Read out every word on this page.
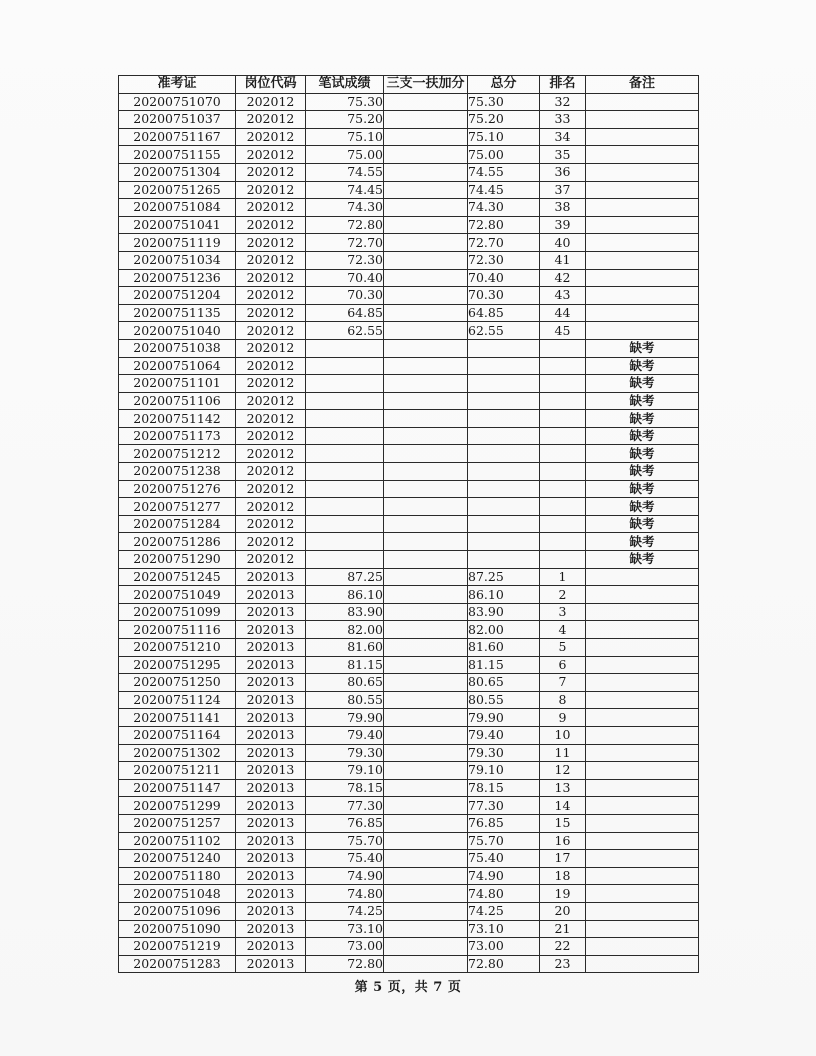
准考证	岗位代码	笔试成绩	三支一扶加分	总分	排名	备注
20200751070	202012	75.30		75.30	32	
20200751037	202012	75.20		75.20	33	
20200751167	202012	75.10		75.10	34	
20200751155	202012	75.00		75.00	35	
20200751304	202012	74.55		74.55	36	
20200751265	202012	74.45		74.45	37	
20200751084	202012	74.30		74.30	38	
20200751041	202012	72.80		72.80	39	
20200751119	202012	72.70		72.70	40	
20200751034	202012	72.30		72.30	41	
20200751236	202012	70.40		70.40	42	
20200751204	202012	70.30		70.30	43	
20200751135	202012	64.85		64.85	44	
20200751040	202012	62.55		62.55	45	
20200751038	202012					缺考
20200751064	202012					缺考
20200751101	202012					缺考
20200751106	202012					缺考
20200751142	202012					缺考
20200751173	202012					缺考
20200751212	202012					缺考
20200751238	202012					缺考
20200751276	202012					缺考
20200751277	202012					缺考
20200751284	202012					缺考
20200751286	202012					缺考
20200751290	202012					缺考
20200751245	202013	87.25		87.25	1	
20200751049	202013	86.10		86.10	2	
20200751099	202013	83.90		83.90	3	
20200751116	202013	82.00		82.00	4	
20200751210	202013	81.60		81.60	5	
20200751295	202013	81.15		81.15	6	
20200751250	202013	80.65		80.65	7	
20200751124	202013	80.55		80.55	8	
20200751141	202013	79.90		79.90	9	
20200751164	202013	79.40		79.40	10	
20200751302	202013	79.30		79.30	11	
20200751211	202013	79.10		79.10	12	
20200751147	202013	78.15		78.15	13	
20200751299	202013	77.30		77.30	14	
20200751257	202013	76.85		76.85	15	
20200751102	202013	75.70		75.70	16	
20200751240	202013	75.40		75.40	17	
20200751180	202013	74.90		74.90	18	
20200751048	202013	74.80		74.80	19	
20200751096	202013	74.25		74.25	20	
20200751090	202013	73.10		73.10	21	
20200751219	202013	73.00		73.00	22	
20200751283	202013	72.80		72.80	23	
第 5 页，共 7 页
